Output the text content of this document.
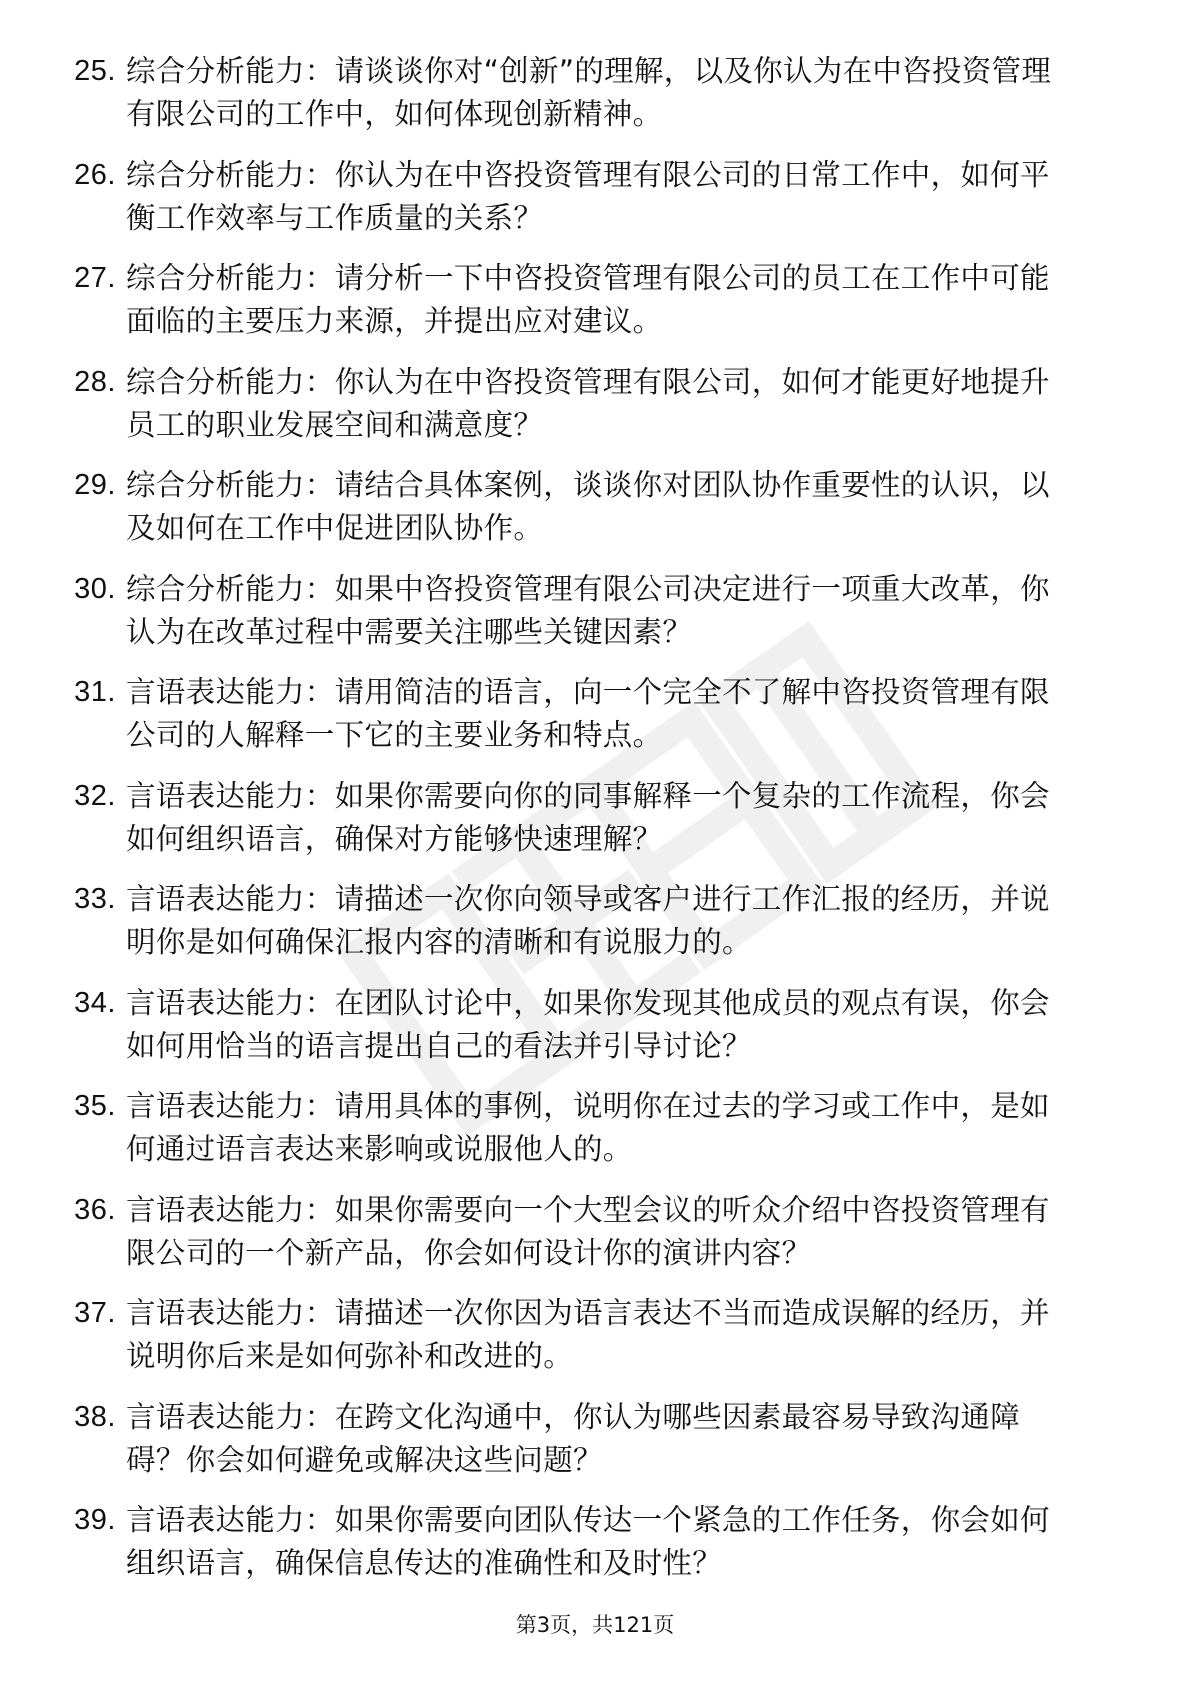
25. 综合分析能力：请谈谈你对“创新”的理解，以及你认为在中咨投资管理有限公司的工作中，如何体现创新精神。
26. 综合分析能力：你认为在中咨投资管理有限公司的日常工作中，如何平衡工作效率与工作质量的关系？
27. 综合分析能力：请分析一下中咨投资管理有限公司的员工在工作中可能面临的主要压力来源，并提出应对建议。
28. 综合分析能力：你认为在中咨投资管理有限公司，如何才能更好地提升员工的职业发展空间和满意度？
29. 综合分析能力：请结合具体案例，谈谈你对团队协作重要性的认识，以及如何在工作中促进团队协作。
30. 综合分析能力：如果中咨投资管理有限公司决定进行一项重大改革，你认为在改革过程中需要关注哪些关键因素？
31. 言语表达能力：请用简洁的语言，向一个完全不了解中咨投资管理有限公司的人解释一下它的主要业务和特点。
32. 言语表达能力：如果你需要向你的同事解释一个复杂的工作流程，你会如何组织语言，确保对方能够快速理解？
33. 言语表达能力：请描述一次你向领导或客户进行工作汇报的经历，并说明你是如何确保汇报内容的清晰和有说服力的。
34. 言语表达能力：在团队讨论中，如果你发现其他成员的观点有误，你会如何用恰当的语言提出自己的看法并引导讨论？
35. 言语表达能力：请用具体的事例，说明你在过去的学习或工作中，是如何通过语言表达来影响或说服他人的。
36. 言语表达能力：如果你需要向一个大型会议的听众介绍中咨投资管理有限公司的一个新产品，你会如何设计你的演讲内容？
37. 言语表达能力：请描述一次你因为语言表达不当而造成误解的经历，并说明你后来是如何弥补和改进的。
38. 言语表达能力：在跨文化沟通中，你认为哪些因素最容易导致沟通障碍？你会如何避免或解决这些问题？
39. 言语表达能力：如果你需要向团队传达一个紧急的工作任务，你会如何组织语言，确保信息传达的准确性和及时性？
第3页，共121页
